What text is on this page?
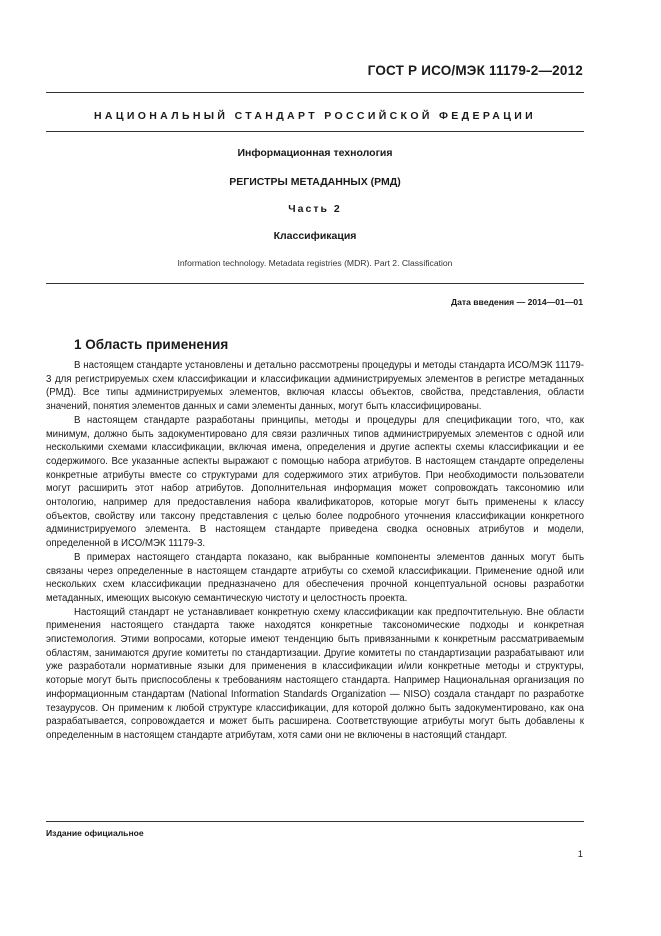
ГОСТ Р ИСО/МЭК 11179-2—2012
НАЦИОНАЛЬНЫЙ СТАНДАРТ РОССИЙСКОЙ ФЕДЕРАЦИИ
Информационная технология
РЕГИСТРЫ МЕТАДАННЫХ (РМД)
Часть 2
Классификация
Information technology. Metadata registries (MDR). Part 2. Classification
Дата введения — 2014—01—01
1 Область применения

В настоящем стандарте установлены и детально рассмотрены процедуры и методы стандарта ИСО/МЭК 11179-3 для регистрируемых схем классификации и классификации администрируемых элементов в регистре метаданных (РМД). Все типы администрируемых элементов, включая классы объектов, свойства, представления, области значений, понятия элементов данных и сами элементы данных, могут быть классифицированы.

В настоящем стандарте разработаны принципы, методы и процедуры для спецификации того, что, как минимум, должно быть задокументировано для связи различных типов администрируемых элементов с одной или несколькими схемами классификации, включая имена, определения и другие аспекты схемы классификации и ее содержимого. Все указанные аспекты выражают с помощью набора атрибутов. В настоящем стандарте определены конкретные атрибуты вместе со структурами для содержимого этих атрибутов. При необходимости пользователи могут расширить этот набор атрибутов. Дополнительная информация может сопровождать таксономию или онтологию, например для предоставления набора квалификаторов, которые могут быть применены к классу объектов, свойству или таксону представления с целью более подробного уточнения классификации конкретного администрируемого элемента. В настоящем стандарте приведена сводка основных атрибутов и модели, определенной в ИСО/МЭК 11179-3.

В примерах настоящего стандарта показано, как выбранные компоненты элементов данных могут быть связаны через определенные в настоящем стандарте атрибуты со схемой классификации. Применение одной или нескольких схем классификации предназначено для обеспечения прочной концептуальной основы разработки метаданных, имеющих высокую семантическую чистоту и целостность проекта.

Настоящий стандарт не устанавливает конкретную схему классификации как предпочтительную. Вне области применения настоящего стандарта также находятся конкретные таксономические подходы и конкретная эпистемология. Этими вопросами, которые имеют тенденцию быть привязанными к конкретным рассматриваемым областям, занимаются другие комитеты по стандартизации. Другие комитеты по стандартизации разрабатывают или уже разработали нормативные языки для применения в классификации и/или конкретные методы и структуры, которые могут быть приспособлены к требованиям настоящего стандарта. Например Национальная организация по информационным стандартам (National Information Standards Organization — NISO) создала стандарт по разработке тезаурусов. Он применим к любой структуре классификации, для которой должно быть задокументировано, как она разрабатывается, сопровождается и может быть расширена. Соответствующие атрибуты могут быть добавлены к определенным в настоящем стандарте атрибутам, хотя сами они не включены в настоящий стандарт.

Издание официальное
1
